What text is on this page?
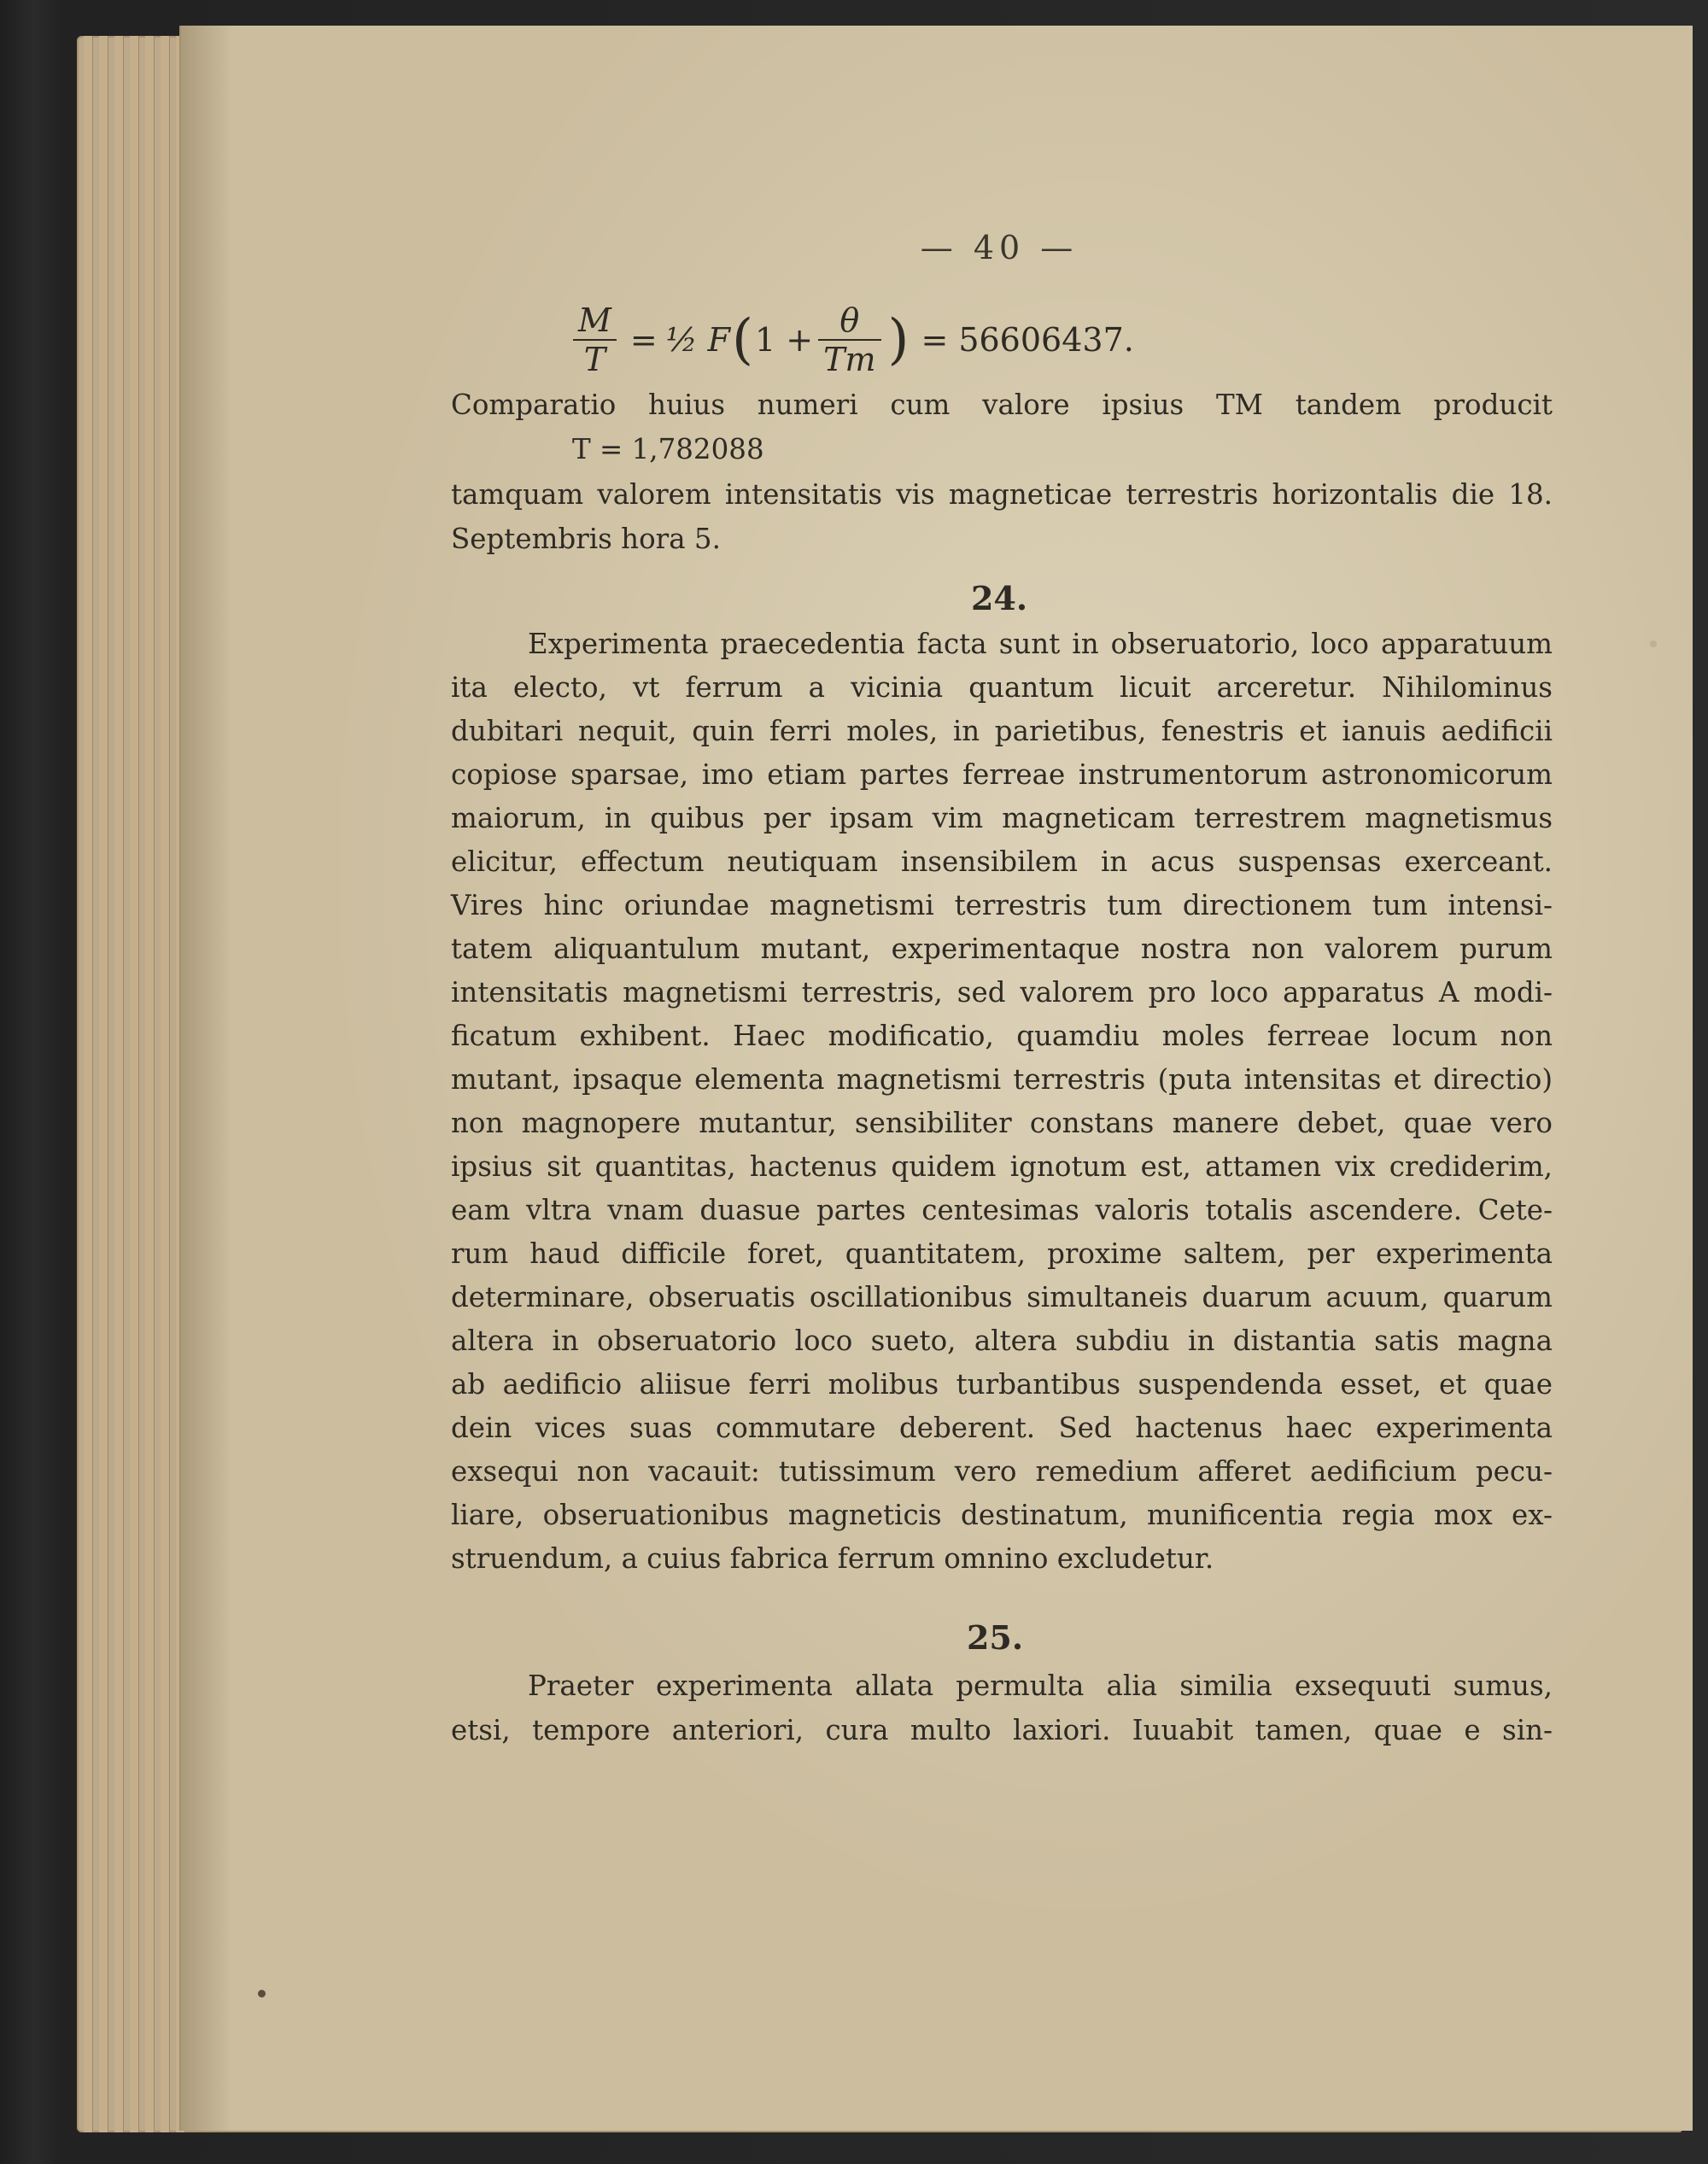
— 40 —
$\frac{M}{T}$ = ½ F ( $1 + \frac{\theta}{Tm}$ ) = 56606437.
Comparatio huius numeri cum valore ipsius TM tandem producit
T = 1,782088
tamquam valorem intensitatis vis magneticae terrestris horizontalis die 18.
Septembris hora 5.
24.
Experimenta praecedentia facta sunt in obseruatorio, loco apparatuum
ita electo, vt ferrum a vicinia quantum licuit arceretur. Nihilominus
dubitari nequit, quin ferri moles, in parietibus, fenestris et ianuis aedificii
copiose sparsae, imo etiam partes ferreae instrumentorum astronomicorum
maiorum, in quibus per ipsam vim magneticam terrestrem magnetismus
elicitur, effectum neutiquam insensibilem in acus suspensas exerceant.
Vires hinc oriundae magnetismi terrestris tum directionem tum intensi-
tatem aliquantulum mutant, experimentaque nostra non valorem purum
intensitatis magnetismi terrestris, sed valorem pro loco apparatus A modi-
ficatum exhibent. Haec modificatio, quamdiu moles ferreae locum non
mutant, ipsaque elementa magnetismi terrestris (puta intensitas et directio)
non magnopere mutantur, sensibiliter constans manere debet, quae vero
ipsius sit quantitas, hactenus quidem ignotum est, attamen vix crediderim,
eam vltra vnam duasue partes centesimas valoris totalis ascendere. Cete-
rum haud difficile foret, quantitatem, proxime saltem, per experimenta
determinare, obseruatis oscillationibus simultaneis duarum acuum, quarum
altera in obseruatorio loco sueto, altera subdiu in distantia satis magna
ab aedificio aliisue ferri molibus turbantibus suspendenda esset, et quae
dein vices suas commutare deberent. Sed hactenus haec experimenta
exsequi non vacauit: tutissimum vero remedium afferet aedificium pecu-
liare, obseruationibus magneticis destinatum, munificentia regia mox ex-
struendum, a cuius fabrica ferrum omnino excludetur.
25.
Praeter experimenta allata permulta alia similia exsequuti sumus,
etsi, tempore anteriori, cura multo laxiori. Iuuabit tamen, quae e sin-
